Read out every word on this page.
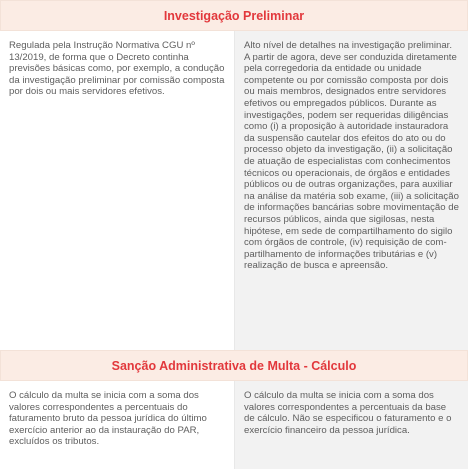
Investigação Preliminar
Regulada pela Instrução Normativa CGU nº 13/2019, de forma que o Decreto continha previsões básicas como, por exemplo, a condução da investigação preliminar por comissão composta por dois ou mais servidores efetivos.
Alto nível de detalhes na investigação preliminar. A partir de agora, deve ser conduzida diretamente pela corregedoria da entidade ou unidade competente ou por comissão composta por dois ou mais membros, designados entre servidores efetivos ou empregados públicos. Durante as investigações, podem ser requeridas diligências como (i) a proposição à autoridade instauradora da suspensão cautelar dos efeitos do ato ou do processo objeto da investigação, (ii) a solicitação de atuação de especialistas com conhecimentos técnicos ou operacionais, de órgãos e entidades públicos ou de outras organizações, para auxiliar na análise da matéria sob exame, (iii) a solicitação de informações bancárias sobre movimentação de recursos públicos, ainda que sigilosas, nesta hipótese, em sede de compartilhamento do sigilo com órgãos de controle, (iv) requisição de compartilhamento de informações tributárias e (v) realização de busca e apreensão.
Sanção Administrativa de Multa - Cálculo
O cálculo da multa se inicia com a soma dos valores correspondentes a percentuais do faturamento bruto da pessoa jurídica do último exercício anterior ao da instauração do PAR, excluídos os tributos.
O cálculo da multa se inicia com a soma dos valores correspondentes a percentuais da base de cálculo. Não se especificou o faturamento e o exercício financeiro da pessoa jurídica.
